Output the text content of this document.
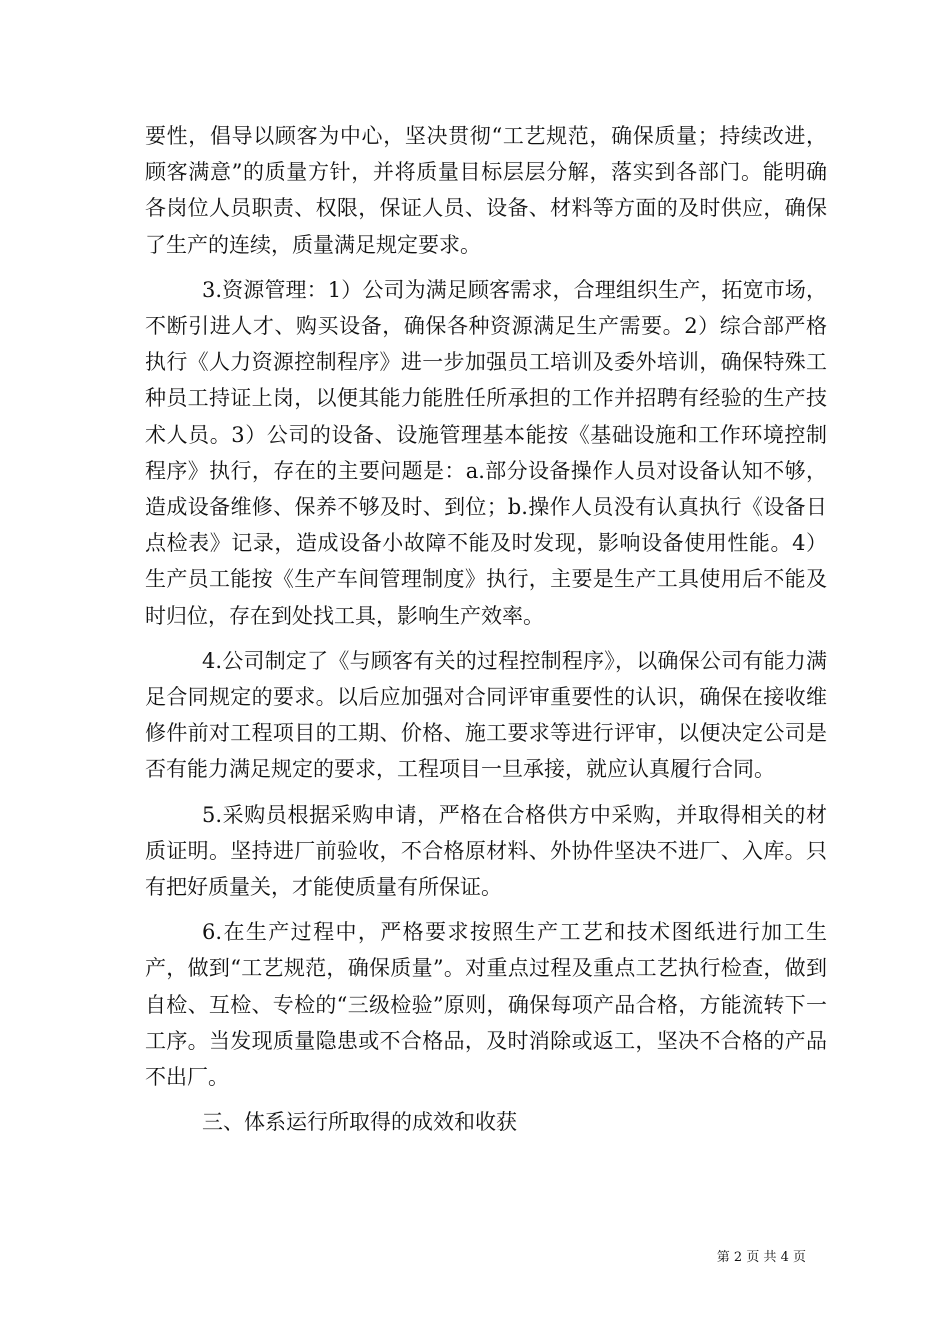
要性，倡导以顾客为中心，坚决贯彻“工艺规范，确保质量；持续改进，顾客满意”的质量方针，并将质量目标层层分解，落实到各部门。能明确各岗位人员职责、权限，保证人员、设备、材料等方面的及时供应，确保了生产的连续，质量满足规定要求。

3.资源管理：1）公司为满足顾客需求，合理组织生产，拓宽市场，不断引进人才、购买设备，确保各种资源满足生产需要。2）综合部严格执行《人力资源控制程序》进一步加强员工培训及委外培训，确保特殊工种员工持证上岗，以便其能力能胜任所承担的工作并招聘有经验的生产技术人员。3）公司的设备、设施管理基本能按《基础设施和工作环境控制程序》执行，存在的主要问题是：a.部分设备操作人员对设备认知不够，造成设备维修、保养不够及时、到位；b.操作人员没有认真执行《设备日点检表》记录，造成设备小故障不能及时发现，影响设备使用性能。4）生产员工能按《生产车间管理制度》执行，主要是生产工具使用后不能及时归位，存在到处找工具，影响生产效率。

4.公司制定了《与顾客有关的过程控制程序》，以确保公司有能力满足合同规定的要求。以后应加强对合同评审重要性的认识，确保在接收维修件前对工程项目的工期、价格、施工要求等进行评审，以便决定公司是否有能力满足规定的要求，工程项目一旦承接，就应认真履行合同。

5.采购员根据采购申请，严格在合格供方中采购，并取得相关的材质证明。坚持进厂前验收，不合格原材料、外协件坚决不进厂、入库。只有把好质量关，才能使质量有所保证。

6.在生产过程中，严格要求按照生产工艺和技术图纸进行加工生产，做到“工艺规范，确保质量”。对重点过程及重点工艺执行检查，做到自检、互检、专检的“三级检验”原则，确保每项产品合格，方能流转下一工序。当发现质量隐患或不合格品，及时消除或返工，坚决不合格的产品不出厂。

三、体系运行所取得的成效和收获

第 2 页 共 4 页
